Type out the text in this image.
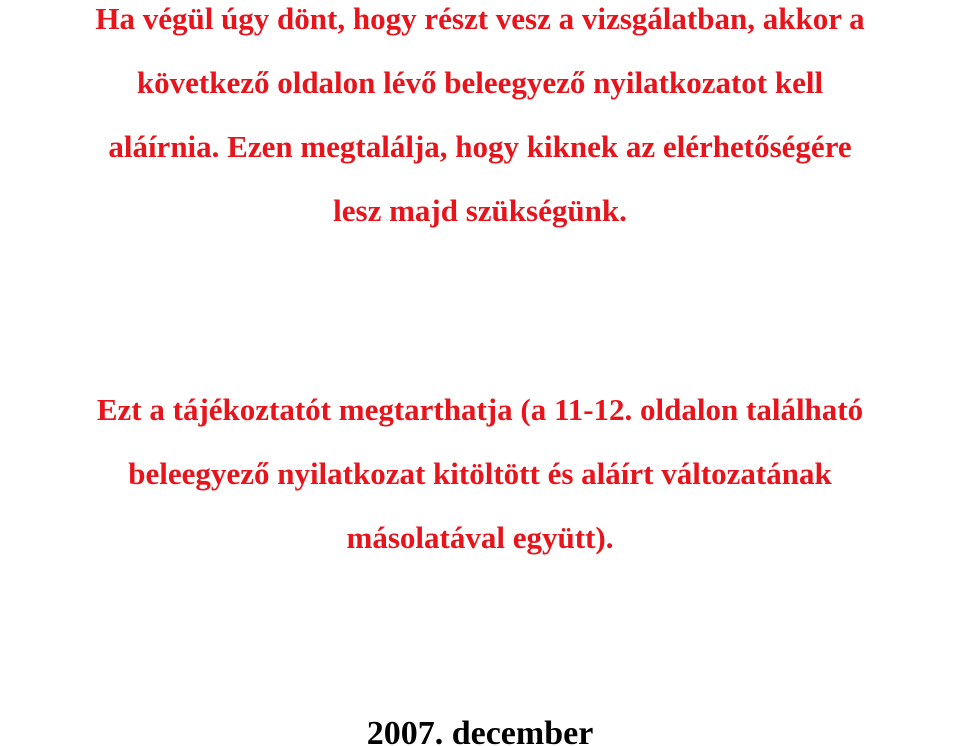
Ha végül úgy dönt, hogy részt vesz a vizsgálatban, akkor a
következő oldalon lévő beleegyező nyilatkozatot kell
aláírnia. Ezen megtalálja, hogy kiknek az elérhetőségére
lesz majd szükségünk.

Ezt a tájékoztatót megtarthatja (a 11-12. oldalon található
beleegyező nyilatkozat kitöltött és aláírt változatának
másolatával együtt).

2007. december
